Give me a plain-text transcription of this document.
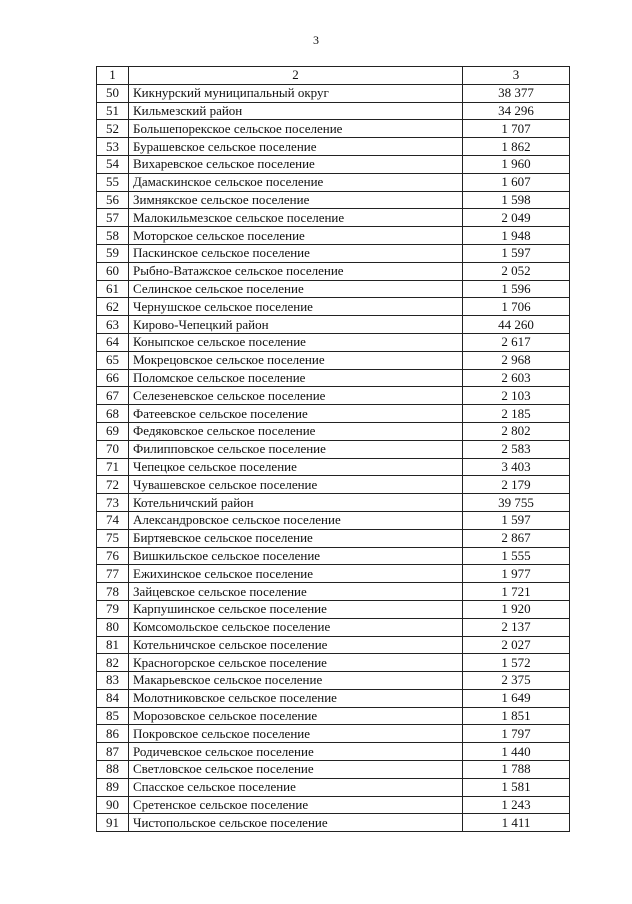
3
1	2	3
50	Кикнурский муниципальный округ	38 377
51	Кильмезский район	34 296
52	Большепорекское сельское поселение	1 707
53	Бурашевское сельское поселение	1 862
54	Вихаревское сельское поселение	1 960
55	Дамаскинское сельское поселение	1 607
56	Зимнякское сельское поселение	1 598
57	Малокильмезское сельское поселение	2 049
58	Моторское сельское поселение	1 948
59	Паскинское сельское поселение	1 597
60	Рыбно-Ватажское сельское поселение	2 052
61	Селинское сельское поселение	1 596
62	Чернушское сельское поселение	1 706
63	Кирово-Чепецкий район	44 260
64	Коныпское сельское поселение	2 617
65	Мокрецовское сельское поселение	2 968
66	Поломское сельское поселение	2 603
67	Селезеневское сельское поселение	2 103
68	Фатеевское сельское поселение	2 185
69	Федяковское сельское поселение	2 802
70	Филипповское сельское поселение	2 583
71	Чепецкое сельское поселение	3 403
72	Чувашевское сельское поселение	2 179
73	Котельничский район	39 755
74	Александровское сельское поселение	1 597
75	Биртяевское сельское поселение	2 867
76	Вишкильское сельское поселение	1 555
77	Ежихинское сельское поселение	1 977
78	Зайцевское сельское поселение	1 721
79	Карпушинское сельское поселение	1 920
80	Комсомольское сельское поселение	2 137
81	Котельничское сельское поселение	2 027
82	Красногорское сельское поселение	1 572
83	Макарьевское сельское поселение	2 375
84	Молотниковское сельское поселение	1 649
85	Морозовское сельское поселение	1 851
86	Покровское сельское поселение	1 797
87	Родичевское сельское поселение	1 440
88	Светловское сельское поселение	1 788
89	Спасское сельское поселение	1 581
90	Сретенское сельское поселение	1 243
91	Чистопольское сельское поселение	1 411
